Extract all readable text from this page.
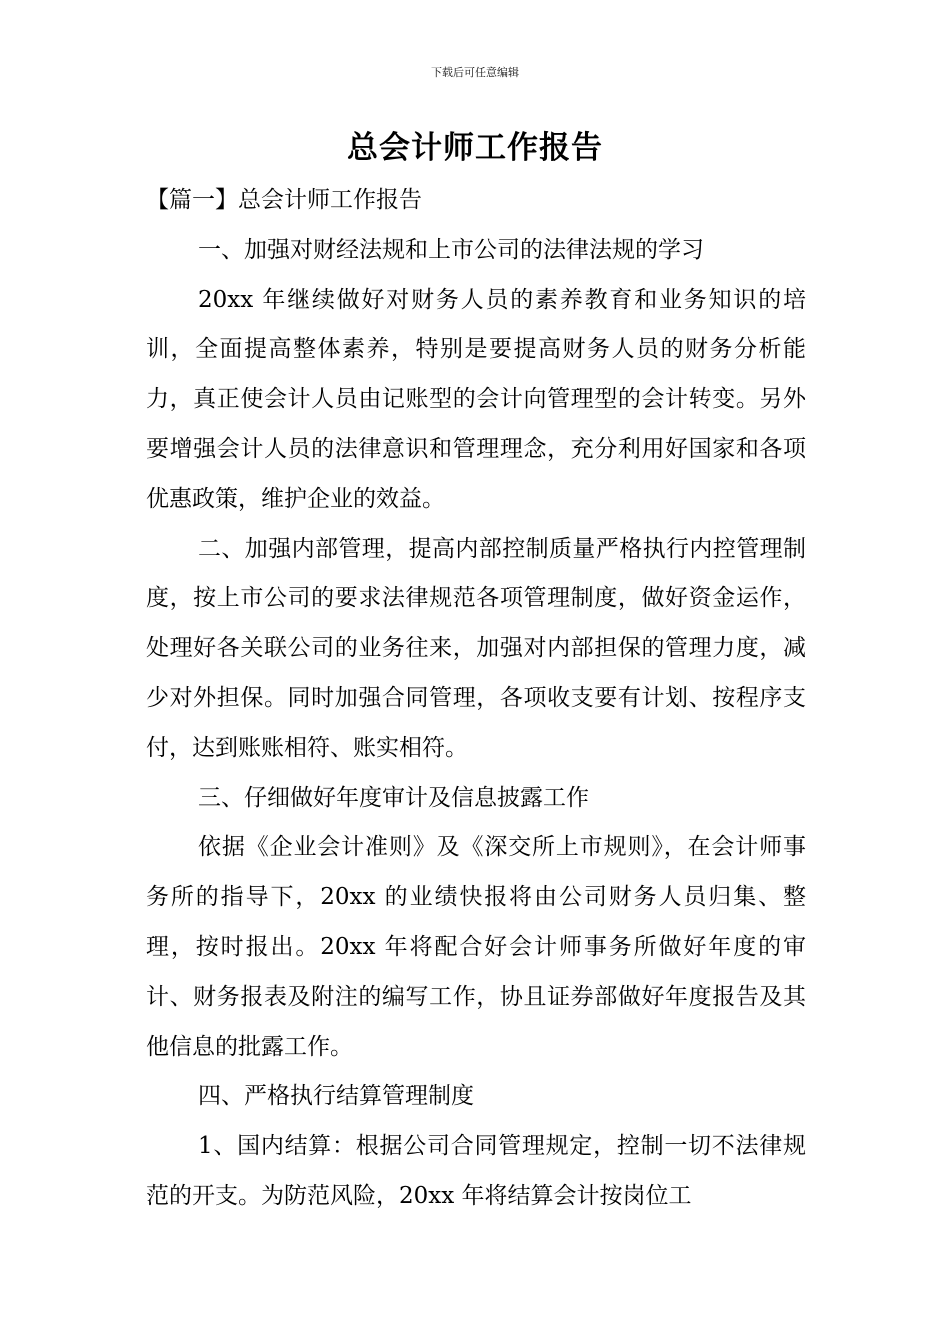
下载后可任意编辑
总会计师工作报告

【篇一】总会计师工作报告

一、加强对财经法规和上市公司的法律法规的学习

20xx 年继续做好对财务人员的素养教育和业务知识的培训，全面提高整体素养，特别是要提高财务人员的财务分析能力，真正使会计人员由记账型的会计向管理型的会计转变。另外要增强会计人员的法律意识和管理理念，充分利用好国家和各项优惠政策，维护企业的效益。

二、加强内部管理，提高内部控制质量严格执行内控管理制度，按上市公司的要求法律规范各项管理制度，做好资金运作，处理好各关联公司的业务往来，加强对内部担保的管理力度，减少对外担保。同时加强合同管理，各项收支要有计划、按程序支付，达到账账相符、账实相符。

三、仔细做好年度审计及信息披露工作

依据《企业会计准则》及《深交所上市规则》，在会计师事务所的指导下，20xx 的业绩快报将由公司财务人员归集、整理，按时报出。20xx 年将配合好会计师事务所做好年度的审计、财务报表及附注的编写工作，协且证券部做好年度报告及其他信息的批露工作。

四、严格执行结算管理制度

1、国内结算：根据公司合同管理规定，控制一切不法律规范的开支。为防范风险，20xx 年将结算会计按岗位工
